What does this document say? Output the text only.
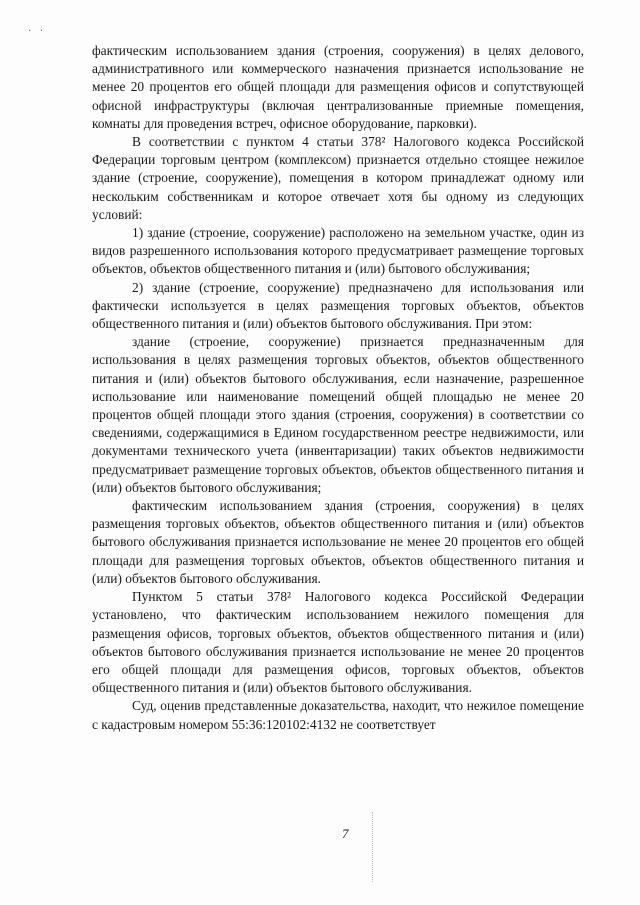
· ·

фактическим использованием здания (строения, сооружения) в целях делового, административного или коммерческого назначения признается использование не менее 20 процентов его общей площади для размещения офисов и сопутствующей офисной инфраструктуры (включая централизованные приемные помещения, комнаты для проведения встреч, офисное оборудование, парковки).

В соответствии с пунктом 4 статьи 378² Налогового кодекса Российской Федерации торговым центром (комплексом) признается отдельно стоящее нежилое здание (строение, сооружение), помещения в котором принадлежат одному или нескольким собственникам и которое отвечает хотя бы одному из следующих условий:

1) здание (строение, сооружение) расположено на земельном участке, один из видов разрешенного использования которого предусматривает размещение торговых объектов, объектов общественного питания и (или) бытового обслуживания;

2) здание (строение, сооружение) предназначено для использования или фактически используется в целях размещения торговых объектов, объектов общественного питания и (или) объектов бытового обслуживания. При этом:

здание (строение, сооружение) признается предназначенным для использования в целях размещения торговых объектов, объектов общественного питания и (или) объектов бытового обслуживания, если назначение, разрешенное использование или наименование помещений общей площадью не менее 20 процентов общей площади этого здания (строения, сооружения) в соответствии со сведениями, содержащимися в Едином государственном реестре недвижимости, или документами технического учета (инвентаризации) таких объектов недвижимости предусматривает размещение торговых объектов, объектов общественного питания и (или) объектов бытового обслуживания;

фактическим использованием здания (строения, сооружения) в целях размещения торговых объектов, объектов общественного питания и (или) объектов бытового обслуживания признается использование не менее 20 процентов его общей площади для размещения торговых объектов, объектов общественного питания и (или) объектов бытового обслуживания.

Пунктом 5 статьи 378² Налогового кодекса Российской Федерации установлено, что фактическим использованием нежилого помещения для размещения офисов, торговых объектов, объектов общественного питания и (или) объектов бытового обслуживания признается использование не менее 20 процентов его общей площади для размещения офисов, торговых объектов, объектов общественного питания и (или) объектов бытового обслуживания.

Суд, оценив представленные доказательства, находит, что нежилое помещение с кадастровым номером 55:36:120102:4132 не соответствует

7
